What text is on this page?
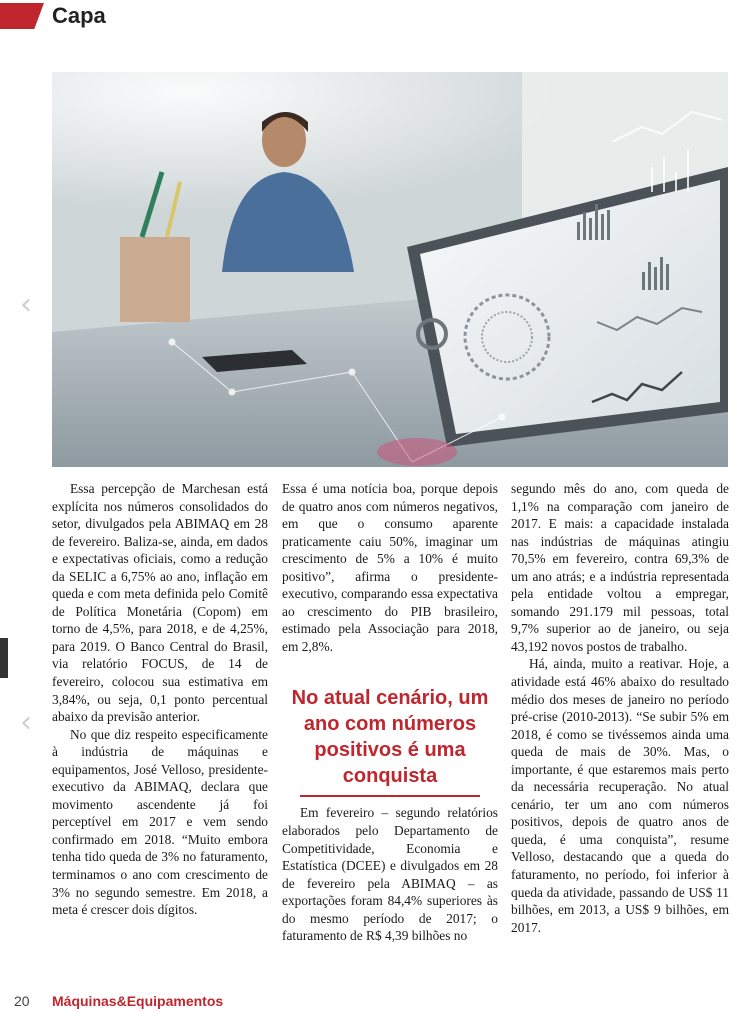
Capa
‹
‹

Essa percepção de Marchesan está explícita nos números consolidados do setor, divulgados pela ABIMAQ em 28 de fevereiro. Baliza-se, ainda, em dados e expectativas oficiais, como a redução da SELIC a 6,75% ao ano, inflação em queda e com meta definida pelo Comitê de Política Monetária (Copom) em torno de 4,5%, para 2018, e de 4,25%, para 2019. O Banco Central do Brasil, via relatório FOCUS, de 14 de fevereiro, colocou sua estimativa em 3,84%, ou seja, 0,1 ponto percentual abaixo da previsão anterior.

No que diz respeito especificamente à indústria de máquinas e equipamentos, José Velloso, presidente-executivo da ABIMAQ, declara que movimento ascendente já foi perceptível em 2017 e vem sendo confirmado em 2018. “Muito embora tenha tido queda de 3% no faturamento, terminamos o ano com crescimento de 3% no segundo semestre. Em 2018, a meta é crescer dois dígitos.

Essa é uma notícia boa, porque depois de quatro anos com números negativos, em que o consumo aparente praticamente caiu 50%, imaginar um crescimento de 5% a 10% é muito positivo”, afirma o presidente-executivo, comparando essa expectativa ao crescimento do PIB brasileiro, estimado pela Associação para 2018, em 2,8%.

Em fevereiro – segundo relatórios elaborados pelo Departamento de Competitividade, Economia e Estatística (DCEE) e divulgados em 28 de fevereiro pela ABIMAQ – as exportações foram 84,4% superiores às do mesmo período de 2017; o faturamento de R$ 4,39 bilhões no

No atual cenário, um ano com números positivos é uma conquista

segundo mês do ano, com queda de 1,1% na comparação com janeiro de 2017. E mais: a capacidade instalada nas indústrias de máquinas atingiu 70,5% em fevereiro, contra 69,3% de um ano atrás; e a indústria representada pela entidade voltou a empregar, somando 291.179 mil pessoas, total 9,7% superior ao de janeiro, ou seja 43,192 novos postos de trabalho.

Há, ainda, muito a reativar. Hoje, a atividade está 46% abaixo do resultado médio dos meses de janeiro no período pré-crise (2010-2013). “Se subir 5% em 2018, é como se tivéssemos ainda uma queda de mais de 30%. Mas, o importante, é que estaremos mais perto da necessária recuperação. No atual cenário, ter um ano com números positivos, depois de quatro anos de queda, é uma conquista”, resume Velloso, destacando que a queda do faturamento, no período, foi inferior à queda da atividade, passando de US$ 11 bilhões, em 2013, a US$ 9 bilhões, em 2017.

20	Máquinas & Equipamentos
